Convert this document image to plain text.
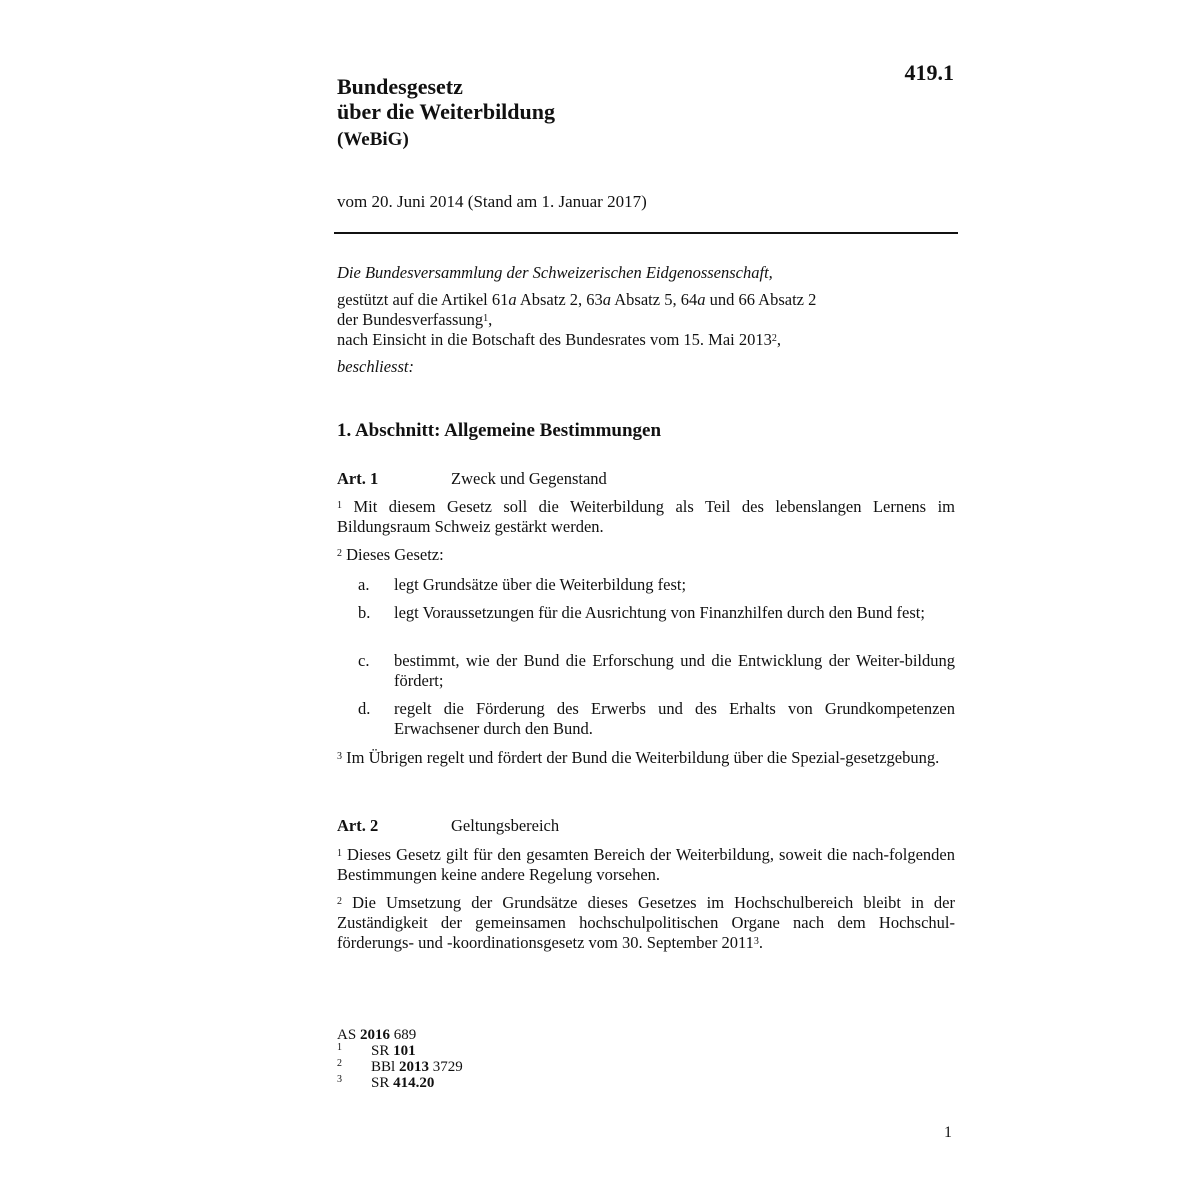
419.1
Bundesgesetz
über die Weiterbildung
(WeBiG)
vom 20. Juni 2014 (Stand am 1. Januar 2017)
Die Bundesversammlung der Schweizerischen Eidgenossenschaft,
gestützt auf die Artikel 61a Absatz 2, 63a Absatz 5, 64a und 66 Absatz 2
der Bundesverfassung$^1$,
nach Einsicht in die Botschaft des Bundesrates vom 15. Mai 2013$^2$,
beschliesst:
1. Abschnitt: Allgemeine Bestimmungen
Art. 1	Zweck und Gegenstand
$^1$ Mit diesem Gesetz soll die Weiterbildung als Teil des lebenslangen Lernens im Bildungsraum Schweiz gestärkt werden.
$^2$ Dieses Gesetz:
a. legt Grundsätze über die Weiterbildung fest;
b. legt Voraussetzungen für die Ausrichtung von Finanzhilfen durch den Bund fest;
c. bestimmt, wie der Bund die Erforschung und die Entwicklung der Weiter-bildung fördert;
d. regelt die Förderung des Erwerbs und des Erhalts von Grundkompetenzen Erwachsener durch den Bund.
$^3$ Im Übrigen regelt und fördert der Bund die Weiterbildung über die Spezial-gesetzgebung.
Art. 2	Geltungsbereich
$^1$ Dieses Gesetz gilt für den gesamten Bereich der Weiterbildung, soweit die nach-folgenden Bestimmungen keine andere Regelung vorsehen.
$^2$ Die Umsetzung der Grundsätze dieses Gesetzes im Hochschulbereich bleibt in der Zuständigkeit der gemeinsamen hochschulpolitischen Organe nach dem Hochschul-förderungs- und -koordinationsgesetz vom 30. September 2011$^3$.
AS 2016 689
1 SR 101
2 BBl 2013 3729
3 SR 414.20
1
